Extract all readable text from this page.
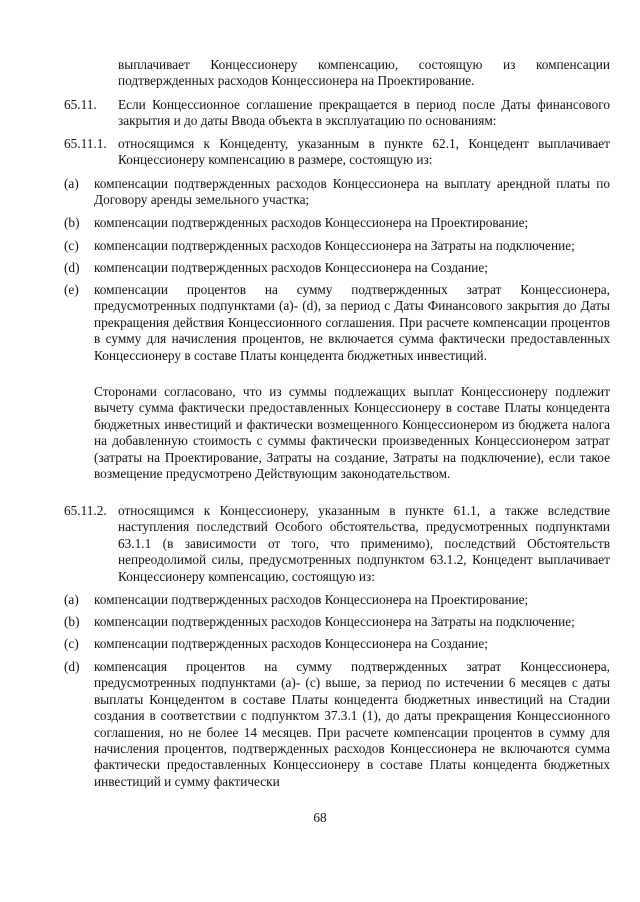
выплачивает Концессионеру компенсацию, состоящую из компенсации подтвержденных расходов Концессионера на Проектирование.

65.11. Если Концессионное соглашение прекращается в период после Даты финансового закрытия и до даты Ввода объекта в эксплуатацию по основаниям:

65.11.1. относящимся к Концеденту, указанным в пункте 62.1, Концедент выплачивает Концессионеру компенсацию в размере, состоящую из:

(a) компенсации подтвержденных расходов Концессионера на выплату арендной платы по Договору аренды земельного участка;

(b) компенсации подтвержденных расходов Концессионера на Проектирование;

(c) компенсации подтвержденных расходов Концессионера на Затраты на подключение;

(d) компенсации подтвержденных расходов Концессионера на Создание;

(e) компенсации процентов на сумму подтвержденных затрат Концессионера, предусмотренных подпунктами (a)- (d), за период с Даты Финансового закрытия до Даты прекращения действия Концессионного соглашения. При расчете компенсации процентов в сумму для начисления процентов, не включается сумма фактически предоставленных Концессионеру в составе Платы концедента бюджетных инвестиций.

Сторонами согласовано, что из суммы подлежащих выплат Концессионеру подлежит вычету сумма фактически предоставленных Концессионеру в составе Платы концедента бюджетных инвестиций и фактически возмещенного Концессионером из бюджета налога на добавленную стоимость с суммы фактически произведенных Концессионером затрат (затраты на Проектирование, Затраты на создание, Затраты на подключение), если такое возмещение предусмотрено Действующим законодательством.

65.11.2. относящимся к Концессионеру, указанным в пункте 61.1, а также вследствие наступления последствий Особого обстоятельства, предусмотренных подпунктами 63.1.1 (в зависимости от того, что применимо), последствий Обстоятельств непреодолимой силы, предусмотренных подпунктом 63.1.2, Концедент выплачивает Концессионеру компенсацию, состоящую из:

(a) компенсации подтвержденных расходов Концессионера на Проектирование;

(b) компенсации подтвержденных расходов Концессионера на Затраты на подключение;

(c) компенсации подтвержденных расходов Концессионера на Создание;

(d) компенсация процентов на сумму подтвержденных затрат Концессионера, предусмотренных подпунктами (a)- (c) выше, за период по истечении 6 месяцев с даты выплаты Концедентом в составе Платы концедента бюджетных инвестиций на Стадии создания в соответствии с подпунктом 37.3.1 (1), до даты прекращения Концессионного соглашения, но не более 14 месяцев. При расчете компенсации процентов в сумму для начисления процентов, подтвержденных расходов Концессионера не включаются сумма фактически предоставленных Концессионеру в составе Платы концедента бюджетных инвестиций и сумму фактически

68
